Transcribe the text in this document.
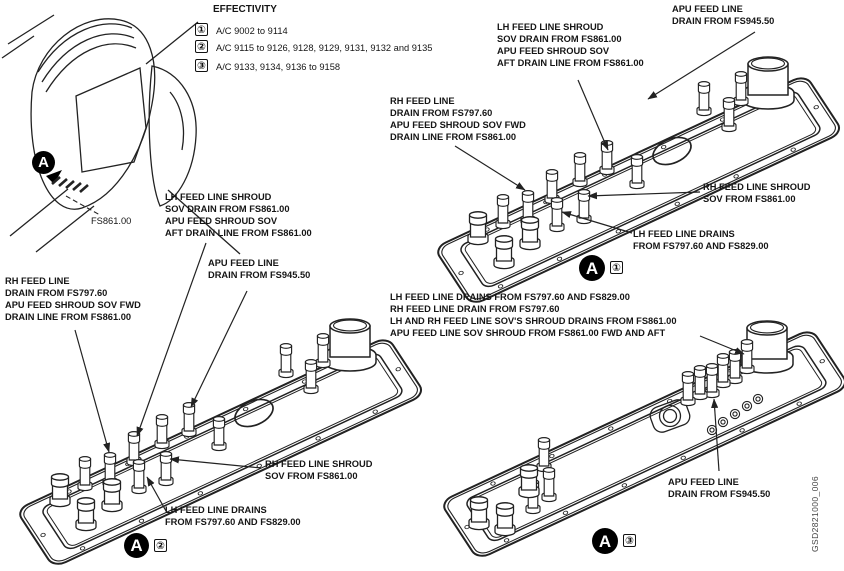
EFFECTIVITY
① A/C 9002 to 9114
② A/C 9115 to 9126, 9128, 9129, 9131, 9132 and 9135
③ A/C 9133, 9134, 9136 to 9158
APU FEED LINE
DRAIN FROM FS945.50
LH FEED LINE SHROUD
SOV DRAIN FROM FS861.00
APU FEED SHROUD SOV
AFT DRAIN LINE FROM FS861.00
RH FEED LINE
DRAIN FROM FS797.60
APU FEED SHROUD SOV FWD
DRAIN LINE FROM FS861.00
RH FEED LINE SHROUD
SOV FROM FS861.00
LH FEED LINE DRAINS
FROM FS797.60 AND FS829.00
LH FEED LINE SHROUD
SOV DRAIN FROM FS861.00
APU FEED SHROUD SOV
AFT DRAIN LINE FROM FS861.00
APU FEED LINE
DRAIN FROM FS945.50
RH FEED LINE
DRAIN FROM FS797.60
APU FEED SHROUD SOV FWD
DRAIN LINE FROM FS861.00
LH FEED LINE DRAINS FROM FS797.60 AND FS829.00
RH FEED LINE DRAIN FROM FS797.60
LH AND RH FEED LINE SOV'S SHROUD DRAINS FROM FS861.00
APU FEED LINE SOV SHROUD FROM FS861.00 FWD AND AFT
RH FEED LINE SHROUD
SOV FROM FS861.00
LH FEED LINE DRAINS
FROM FS797.60 AND FS829.00
APU FEED LINE
DRAIN FROM FS945.50
FS861.00
A
A	①
A	②	A	③	GSD2821000_006
